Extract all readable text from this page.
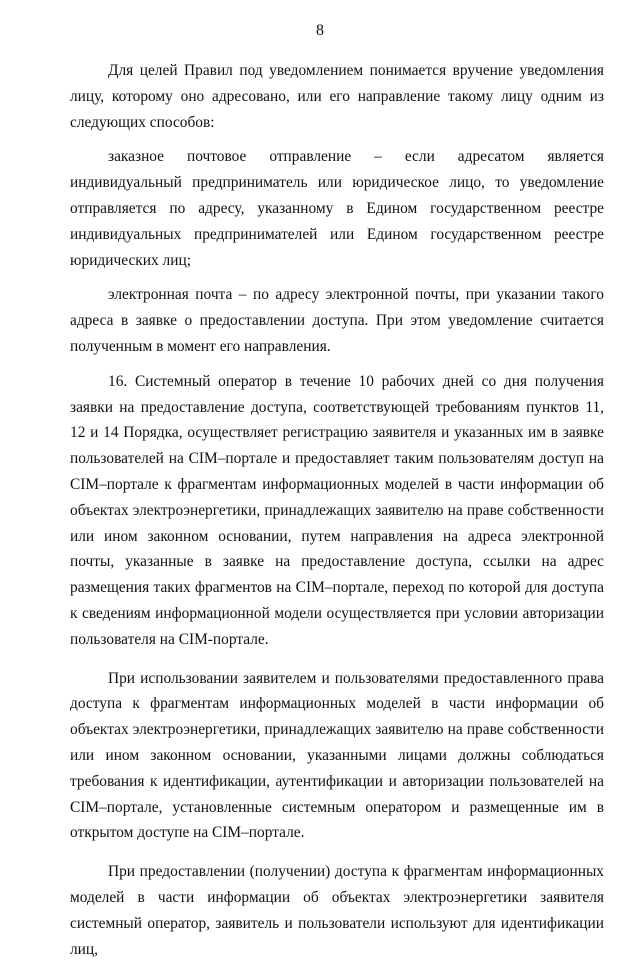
8

Для целей Правил под уведомлением понимается вручение уведомления лицу, которому оно адресовано, или его направление такому лицу одним из следующих способов:

заказное почтовое отправление – если адресатом является индивидуальный предприниматель или юридическое лицо, то уведомление отправляется по адресу, указанному в Едином государственном реестре индивидуальных предпринимателей или Едином государственном реестре юридических лиц;

электронная почта – по адресу электронной почты, при указании такого адреса в заявке о предоставлении доступа. При этом уведомление считается полученным в момент его направления.

16. Системный оператор в течение 10 рабочих дней со дня получения заявки на предоставление доступа, соответствующей требованиям пунктов 11, 12 и 14 Порядка, осуществляет регистрацию заявителя и указанных им в заявке пользователей на CIM–портале и предоставляет таким пользователям доступ на CIM–портале к фрагментам информационных моделей в части информации об объектах электроэнергетики, принадлежащих заявителю на праве собственности или ином законном основании, путем направления на адреса электронной почты, указанные в заявке на предоставление доступа, ссылки на адрес размещения таких фрагментов на CIM–портале, переход по которой для доступа к сведениям информационной модели осуществляется при условии авторизации пользователя на CIM-портале.

При использовании заявителем и пользователями предоставленного права доступа к фрагментам информационных моделей в части информации об объектах электроэнергетики, принадлежащих заявителю на праве собственности или ином законном основании, указанными лицами должны соблюдаться требования к идентификации, аутентификации и авторизации пользователей на CIM–портале, установленные системным оператором и размещенные им в открытом доступе на CIM–портале.

При предоставлении (получении) доступа к фрагментам информационных моделей в части информации об объектах электроэнергетики заявителя системный оператор, заявитель и пользователи используют для идентификации лиц,
